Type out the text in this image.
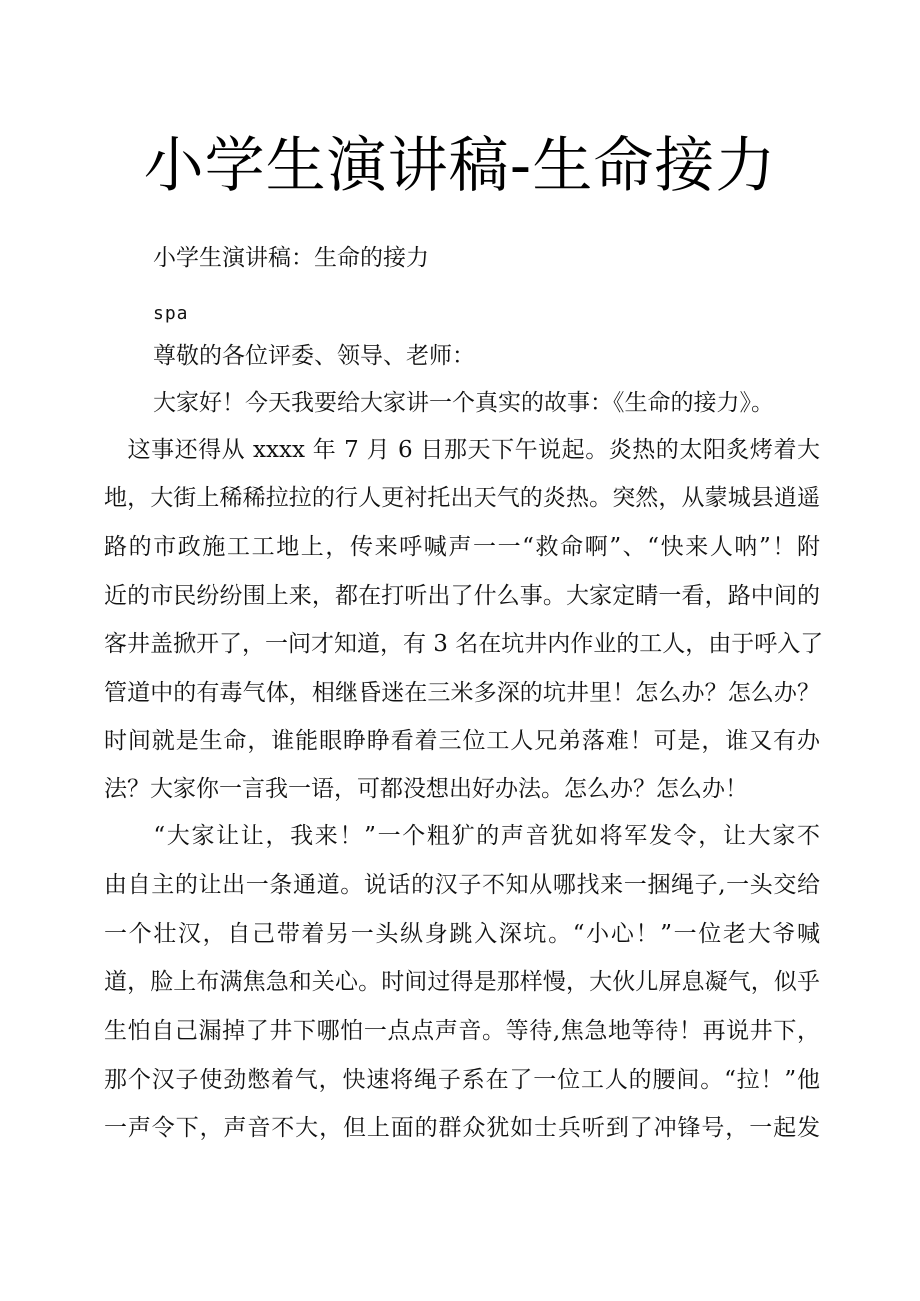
小学生演讲稿-生命接力

小学生演讲稿：生命的接力

spa

尊敬的各位评委、领导、老师：

大家好！今天我要给大家讲一个真实的故事：《生命的接力》。

　这事还得从 xxxx 年 7 月 6 日那天下午说起。炎热的太阳炙烤着大

地，大街上稀稀拉拉的行人更衬托出天气的炎热。突然，从蒙城县逍遥

路的市政施工工地上，传来呼喊声一一“救命啊”、“快来人呐”！附

近的市民纷纷围上来，都在打听出了什么事。大家定睛一看，路中间的

客井盖掀开了，一问才知道，有 3 名在坑井内作业的工人，由于呼入了

管道中的有毒气体，相继昏迷在三米多深的坑井里！怎么办？怎么办？

时间就是生命，谁能眼睁睁看着三位工人兄弟落难！可是，谁又有办

法？大家你一言我一语，可都没想出好办法。怎么办？怎么办！

　　“大家让让，我来！”一个粗犷的声音犹如将军发令，让大家不

由自主的让出一条通道。说话的汉子不知从哪找来一捆绳子,一头交给

一个壮汉，自己带着另一头纵身跳入深坑。“小心！”一位老大爷喊

道，脸上布满焦急和关心。时间过得是那样慢，大伙儿屏息凝气，似乎

生怕自己漏掉了井下哪怕一点点声音。等待,焦急地等待！再说井下，

那个汉子使劲憋着气，快速将绳子系在了一位工人的腰间。“拉！”他

一声令下，声音不大，但上面的群众犹如士兵听到了冲锋号，一起发
